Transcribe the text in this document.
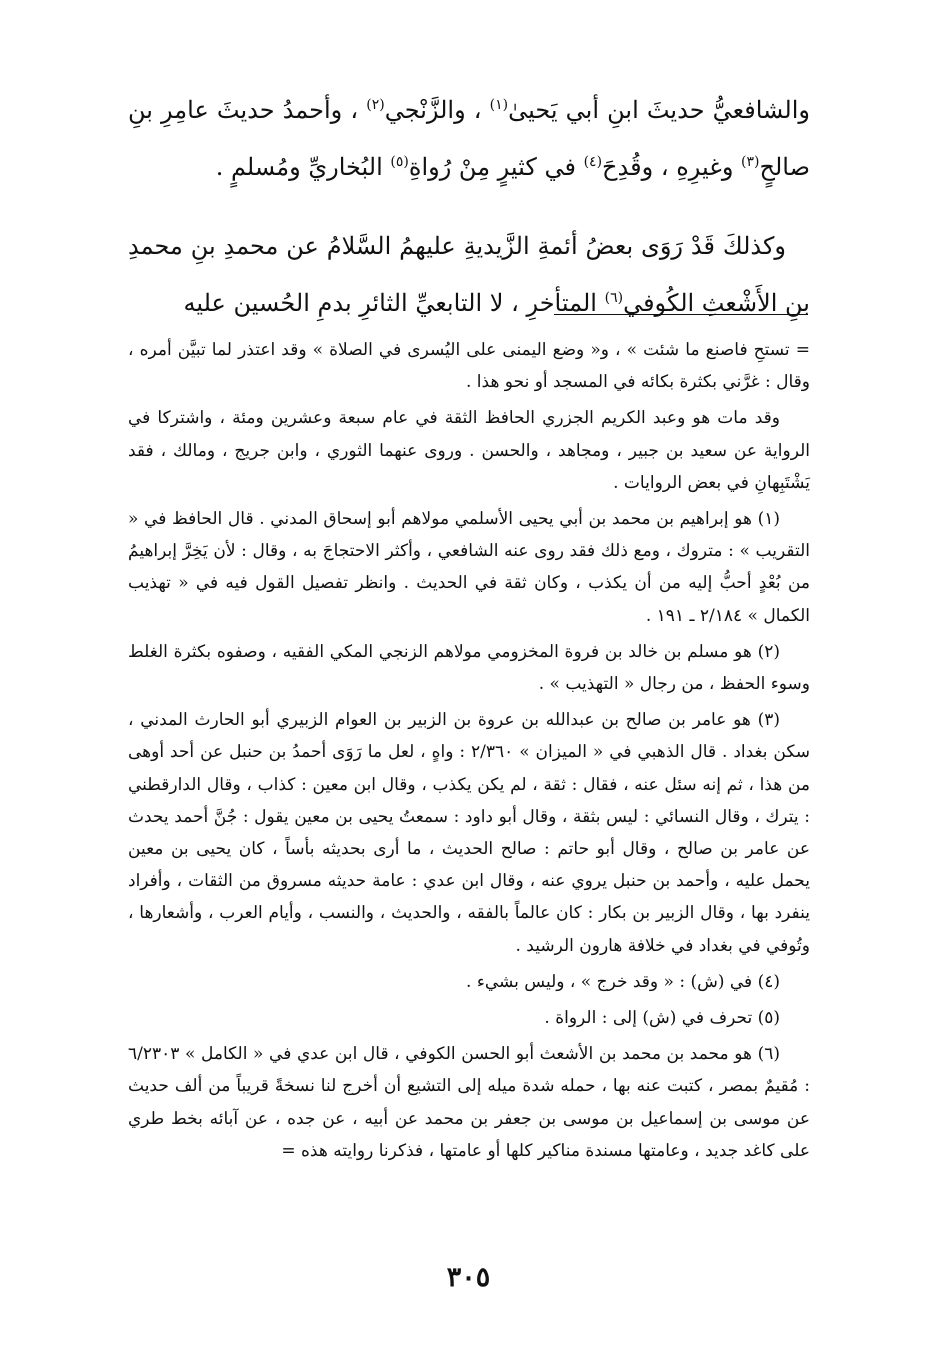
والشافعيُّ حديثَ ابنِ أبي يَحيىٰ$^{(١)}$ ، والزَّنْجي$^{(٢)}$ ، وأحمدُ حديثَ عامِرِ بنِ صالحٍ$^{(٣)}$ وغيرِهِ ، وقُدِحَ$^{(٤)}$ في كثيرٍ مِنْ رُواةِ$^{(٥)}$ البُخاريِّ ومُسلمٍ .

وكذلكَ قَدْ رَوَى بعضُ أئمةِ الزَّيديةِ عليهمُ السَّلامُ عن محمدِ بنِ محمدِ بنِ الأَشْعثِ الكُوفي$^{(٦)}$ المتأخرِ ، لا التابعيِّ الثائرِ بدمِ الحُسين عليه

= تستحِ فاصنع ما شئت » ، و« وضع اليمنى على اليُسرى في الصلاة » وقد اعتذر لما تبيَّن أمره ، وقال : غرَّني بكثرة بكائه في المسجد أو نحو هذا .

وقد مات هو وعبد الكريم الجزري الحافظ الثقة في عام سبعة وعشرين ومئة ، واشتركا في الرواية عن سعيد بن جبير ، ومجاهد ، والحسن . وروى عنهما الثوري ، وابن جريج ، ومالك ، فقد يَشْتَبِهانِ في بعض الروايات .

(١) هو إبراهيم بن محمد بن أبي يحيى الأسلمي مولاهم أبو إسحاق المدني . قال الحافظ في « التقريب » : متروك ، ومع ذلك فقد روى عنه الشافعي ، وأكثر الاحتجاجَ به ، وقال : لأن يَخِرَّ إبراهيمُ من بُعْدٍ أحبُّ إليه من أن يكذب ، وكان ثقة في الحديث . وانظر تفصيل القول فيه في « تهذيب الكمال » ٢/١٨٤ ـ ١٩١ .

(٢) هو مسلم بن خالد بن فروة المخزومي مولاهم الزنجي المكي الفقيه ، وصفوه بكثرة الغلط وسوء الحفظ ، من رجال « التهذيب » .

(٣) هو عامر بن صالح بن عبدالله بن عروة بن الزبير بن العوام الزبيري أبو الحارث المدني ، سكن بغداد . قال الذهبي في « الميزان » ٢/٣٦٠ : واهٍ ، لعل ما رَوَى أحمدُ بن حنبل عن أحد أوهى من هذا ، ثم إنه سئل عنه ، فقال : ثقة ، لم يكن يكذب ، وقال ابن معين : كذاب ، وقال الدارقطني : يترك ، وقال النسائي : ليس بثقة ، وقال أبو داود : سمعتُ يحيى بن معين يقول : جُنَّ أحمد يحدث عن عامر بن صالح ، وقال أبو حاتم : صالح الحديث ، ما أرى بحديثه بأساً ، كان يحيى بن معين يحمل عليه ، وأحمد بن حنبل يروي عنه ، وقال ابن عدي : عامة حديثه مسروق من الثقات ، وأفراد ينفرد بها ، وقال الزبير بن بكار : كان عالماً بالفقه ، والحديث ، والنسب ، وأيام العرب ، وأشعارها ، وتُوفي في بغداد في خلافة هارون الرشيد .

(٤) في (ش) : « وقد خرج » ، وليس بشيء .

(٥) تحرف في (ش) إلى : الرواة .

(٦) هو محمد بن محمد بن الأشعث أبو الحسن الكوفي ، قال ابن عدي في « الكامل » ٦/٢٣٠٣ : مُقيمٌ بمصر ، كتبت عنه بها ، حمله شدة ميله إلى التشيع أن أخرج لنا نسخةً قريباً من ألف حديث عن موسى بن إسماعيل بن موسى بن جعفر بن محمد عن أبيه ، عن جده ، عن آبائه بخط طري على كاغد جديد ، وعامتها مسندة مناكير كلها أو عامتها ، فذكرنا روايته هذه =

٣٠٥
